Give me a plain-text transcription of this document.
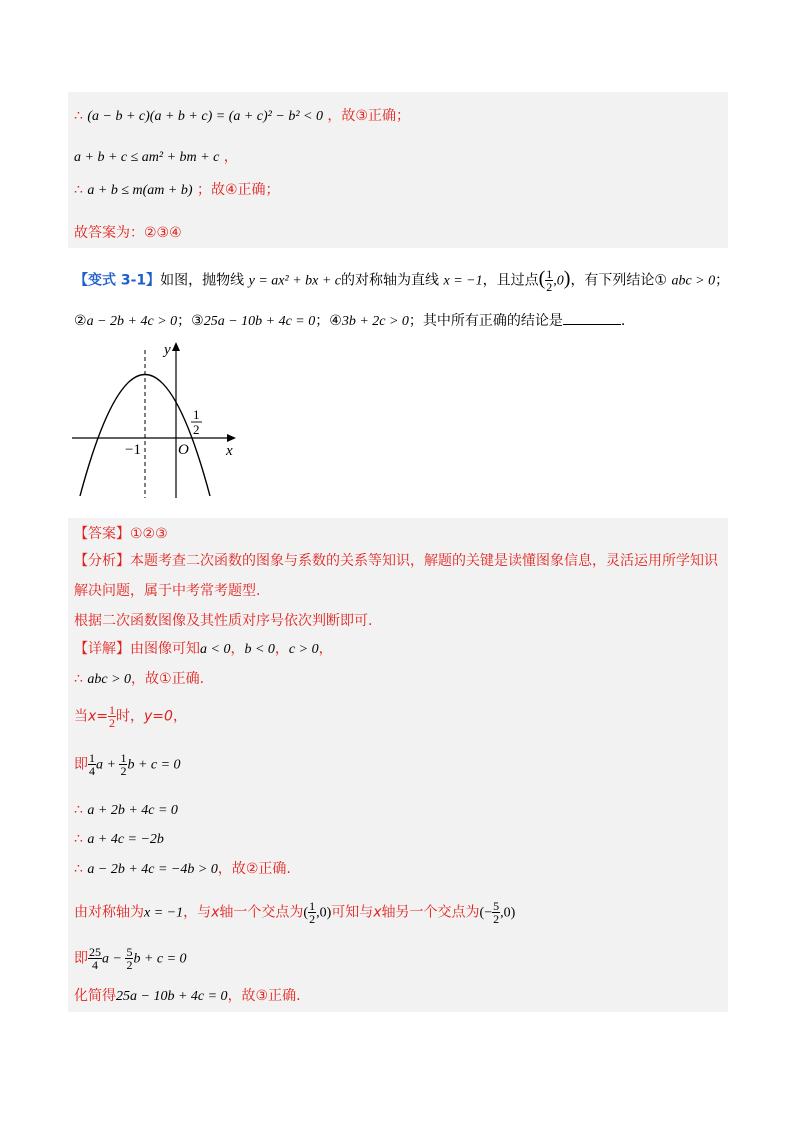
∴ (a − b + c)(a + b + c) = (a + c)² − b² < 0 ，故③正确；
a + b + c ≤ am² + bm + c ，
∴ a + b ≤ m(am + b) ；故④正确；
故答案为：②③④
【变式 3-1】如图，抛物线 y = ax² + bx + c的对称轴为直线 x = −1，且过点( $\frac{1}{2} ,0$)，有下列结论① abc > 0；
②a − 2b + 4c > 0；③25a − 10b + 4c = 0；④3b + 2c > 0；其中所有正确的结论是	.
y
x
O
−1
1
2
【答案】①②③
【分析】本题考查二次函数的图象与系数的关系等知识，解题的关键是读懂图象信息，灵活运用所学知识
解决问题，属于中考常考题型.
根据二次函数图像及其性质对序号依次判断即可.
【详解】由图像可知a < 0，b < 0，c > 0，
∴ abc > 0，故①正确.
当$x= \frac{1}{2}$ 时，y=0，
即 $\frac{1}{4}$ $a + \frac{1}{2}$ b + c = 0
∴ a + 2b + 4c = 0
∴ a + 4c = −2b
∴ a − 2b + 4c = −4b > 0，故②正确.
由对称轴为x = −1，与x轴一个交点为( $\frac{1}{2} ,0$)可知与x轴另一个交点为(− $\frac{5}{2} ,0$)
即 $\frac{25}{4}$ $a - \frac{5}{2}$ b + c = 0
化简得25a − 10b + 4c = 0，故③正确.
